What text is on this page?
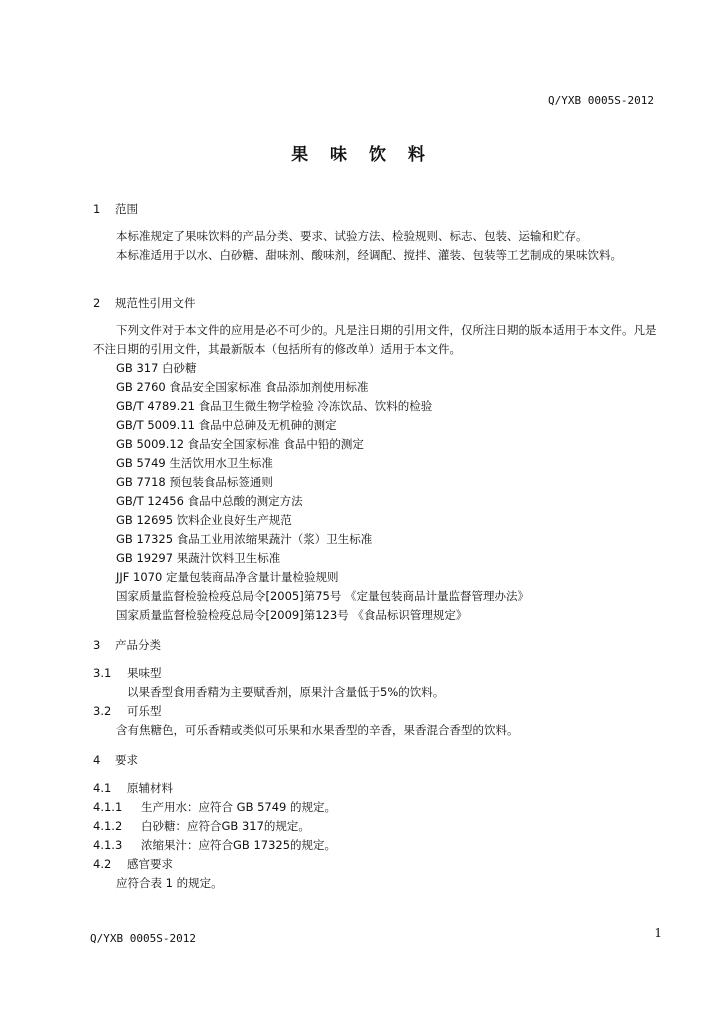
Q/YXB 0005S-2012
果 味 饮 料
1 范围
本标准规定了果味饮料的产品分类、要求、试验方法、检验规则、标志、包装、运输和贮存。
本标准适用于以水、白砂糖、甜味剂、酸味剂，经调配、搅拌、灌装、包装等工艺制成的果味饮料。
2 规范性引用文件
下列文件对于本文件的应用是必不可少的。凡是注日期的引用文件，仅所注日期的版本适用于本文件。凡是不注日期的引用文件，其最新版本（包括所有的修改单）适用于本文件。
GB 317 白砂糖
GB 2760 食品安全国家标准 食品添加剂使用标准
GB/T 4789.21 食品卫生微生物学检验 冷冻饮品、饮料的检验
GB/T 5009.11 食品中总砷及无机砷的测定
GB 5009.12 食品安全国家标准 食品中铅的测定
GB 5749 生活饮用水卫生标准
GB 7718 预包装食品标签通则
GB/T 12456 食品中总酸的测定方法
GB 12695 饮料企业良好生产规范
GB 17325 食品工业用浓缩果蔬汁（浆）卫生标准
GB 19297 果蔬汁饮料卫生标准
JJF 1070 定量包装商品净含量计量检验规则
国家质量监督检验检疫总局令[2005]第75号 《定量包装商品计量监督管理办法》
国家质量监督检验检疫总局令[2009]第123号 《食品标识管理规定》
3 产品分类
3.1 果味型
以果香型食用香精为主要赋香剂，原果汁含量低于5%的饮料。
3.2 可乐型
含有焦糖色，可乐香精或类似可乐果和水果香型的辛香，果香混合香型的饮料。
4 要求
4.1 原辅材料
4.1.1 生产用水：应符合 GB 5749 的规定。
4.1.2 白砂糖：应符合GB 317的规定。
4.1.3 浓缩果汁：应符合GB 17325的规定。
4.2 感官要求
应符合表 1 的规定。
Q/YXB 0005S-2012	1
